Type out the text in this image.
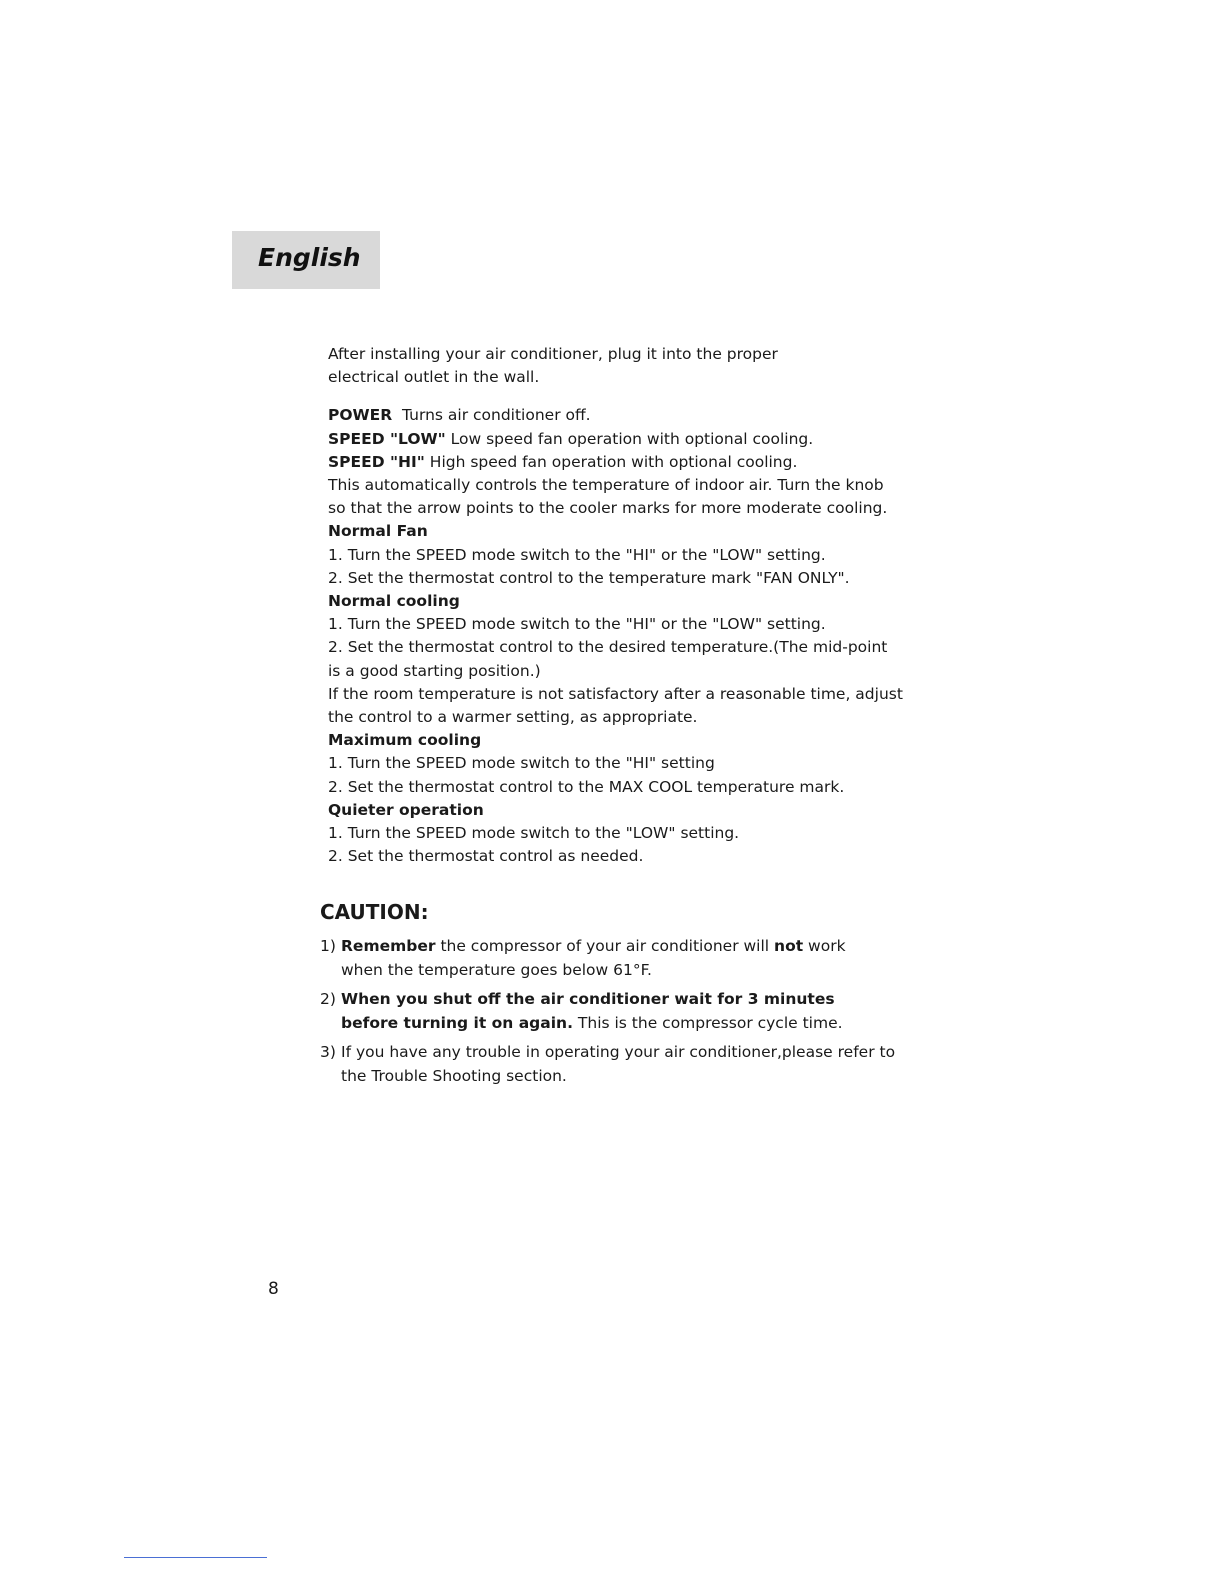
English
After installing your air conditioner, plug it into the proper
electrical outlet in the wall.
POWER Turns air conditioner off.
SPEED "LOW" Low speed fan operation with optional cooling.
SPEED "HI" High speed fan operation with optional cooling.
This automatically controls the temperature of indoor air. Turn the knob
so that the arrow points to the cooler marks for more moderate cooling.
Normal Fan
1. Turn the SPEED mode switch to the "HI" or the "LOW" setting.
2. Set the thermostat control to the temperature mark "FAN ONLY".
Normal cooling
1. Turn the SPEED mode switch to the "HI" or the "LOW" setting.
2. Set the thermostat control to the desired temperature.(The mid-point
is a good starting position.)
If the room temperature is not satisfactory after a reasonable time, adjust
the control to a warmer setting, as appropriate.
Maximum cooling
1. Turn the SPEED mode switch to the "HI" setting
2. Set the thermostat control to the MAX COOL temperature mark.
Quieter operation
1. Turn the SPEED mode switch to the "LOW" setting.
2. Set the thermostat control as needed.
CAUTION:
1) Remember the compressor of your air conditioner will not work
when the temperature goes below 61°F.
2) When you shut off the air conditioner wait for 3 minutes
before turning it on again. This is the compressor cycle time.
3) If you have any trouble in operating your air conditioner,please refer to
the Trouble Shooting section.
8
